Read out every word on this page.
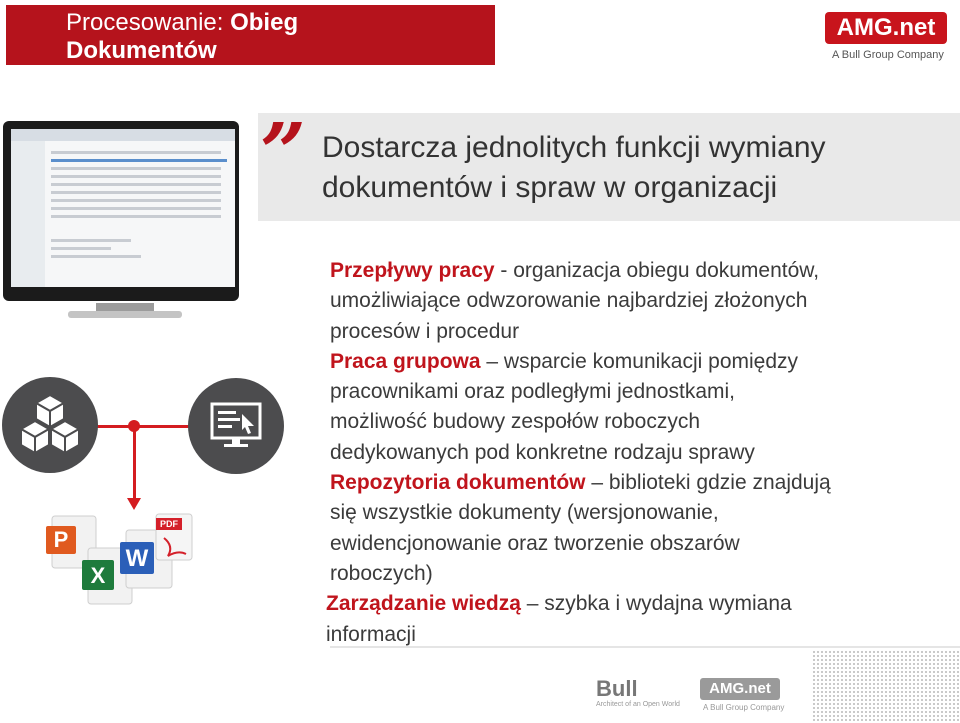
Procesowanie: Obieg
Dokumentów
AMG.net
A Bull Group Company
” Dostarcza jednolitych funkcji wymiany
dokumentów i spraw w organizacji
P
X
W
PDF

Przepływy pracy - organizacja obiegu dokumentów,

umożliwiające odwzorowanie najbardziej złożonych

procesów i procedur

Praca grupowa – wsparcie komunikacji pomiędzy

pracownikami oraz podległymi jednostkami,

możliwość budowy zespołów roboczych

dedykowanych pod konkretne rodzaju sprawy

Repozytoria dokumentów – biblioteki gdzie znajdują

się wszystkie dokumenty (wersjonowanie,

ewidencjonowanie oraz tworzenie obszarów

roboczych)

Zarządzanie wiedzą – szybka i wydajna wymiana

informacji

Bull
Architect of an Open World
AMG.net
A Bull Group Company
